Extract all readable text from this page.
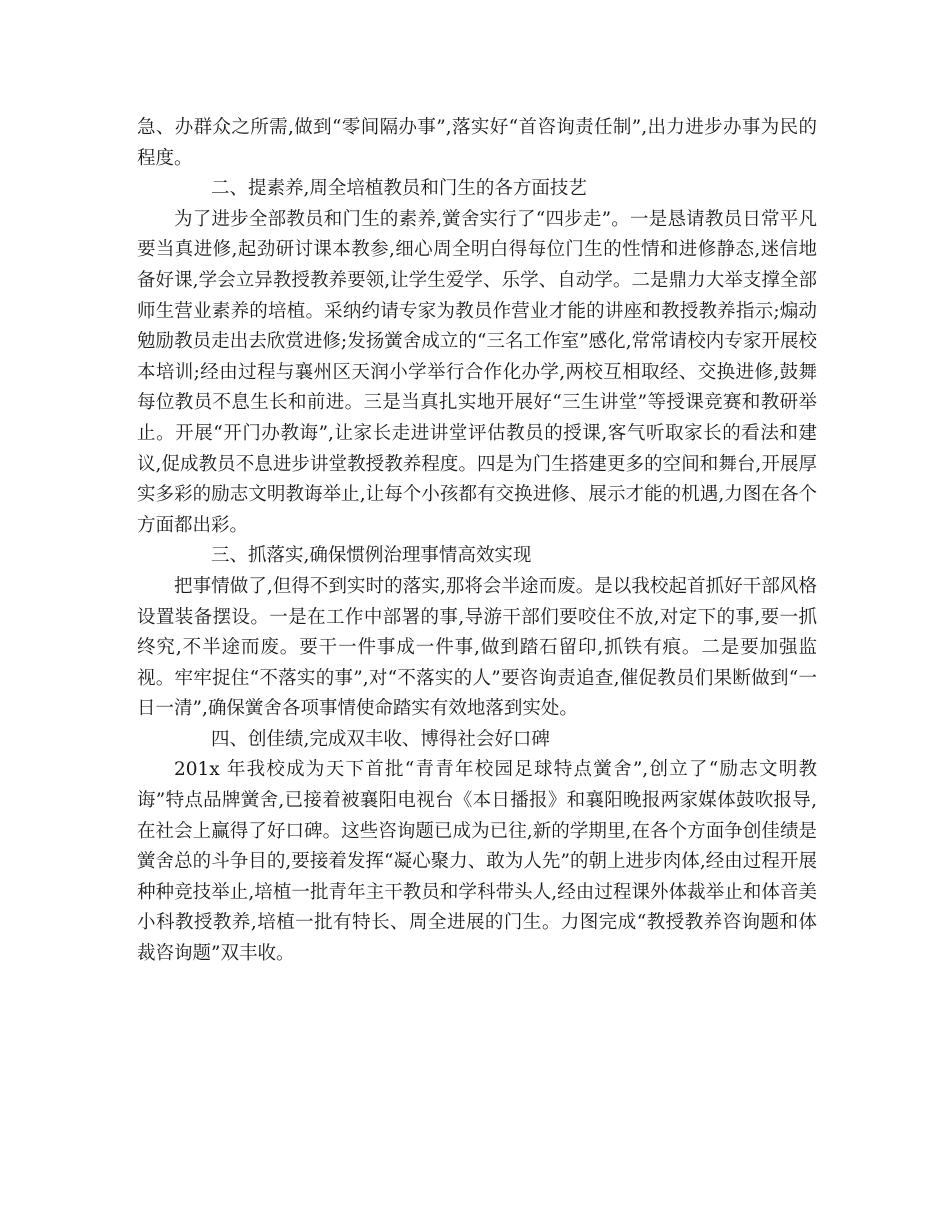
急、办群众之所需,做到“零间隔办事”,落实好“首咨询责任制”,出力进步办事为民的程度。

二、提素养,周全培植教员和门生的各方面技艺

为了进步全部教员和门生的素养,黉舍实行了“四步走”。一是恳请教员日常平凡要当真进修,起劲研讨课本教参,细心周全明白得每位门生的性情和进修静态,迷信地备好课,学会立异教授教养要领,让学生爱学、乐学、自动学。二是鼎力大举支撑全部师生营业素养的培植。采纳约请专家为教员作营业才能的讲座和教授教养指示;煽动勉励教员走出去欣赏进修;发扬黉舍成立的“三名工作室”感化,常常请校内专家开展校本培训;经由过程与襄州区天润小学举行合作化办学,两校互相取经、交换进修,鼓舞每位教员不息生长和前进。三是当真扎实地开展好“三生讲堂”等授课竞赛和教研举止。开展“开门办教诲”,让家长走进讲堂评估教员的授课,客气听取家长的看法和建议,促成教员不息进步讲堂教授教养程度。四是为门生搭建更多的空间和舞台,开展厚实多彩的励志文明教诲举止,让每个小孩都有交换进修、展示才能的机遇,力图在各个方面都出彩。

三、抓落实,确保惯例治理事情高效实现

把事情做了,但得不到实时的落实,那将会半途而废。是以我校起首抓好干部风格设置装备摆设。一是在工作中部署的事,导游干部们要咬住不放,对定下的事,要一抓终究,不半途而废。要干一件事成一件事,做到踏石留印,抓铁有痕。二是要加强监视。牢牢捉住“不落实的事”,对“不落实的人”要咨询责追查,催促教员们果断做到“一日一清”,确保黉舍各项事情使命踏实有效地落到实处。

四、创佳绩,完成双丰收、博得社会好口碑

201x 年我校成为天下首批“青青年校园足球特点黉舍”,创立了“励志文明教诲”特点品牌黉舍,已接着被襄阳电视台《本日播报》和襄阳晚报两家媒体鼓吹报导,在社会上赢得了好口碑。这些咨询题已成为已往,新的学期里,在各个方面争创佳绩是黉舍总的斗争目的,要接着发挥“凝心聚力、敢为人先”的朝上进步肉体,经由过程开展种种竞技举止,培植一批青年主干教员和学科带头人,经由过程课外体裁举止和体音美小科教授教养,培植一批有特长、周全进展的门生。力图完成“教授教养咨询题和体裁咨询题”双丰收。
